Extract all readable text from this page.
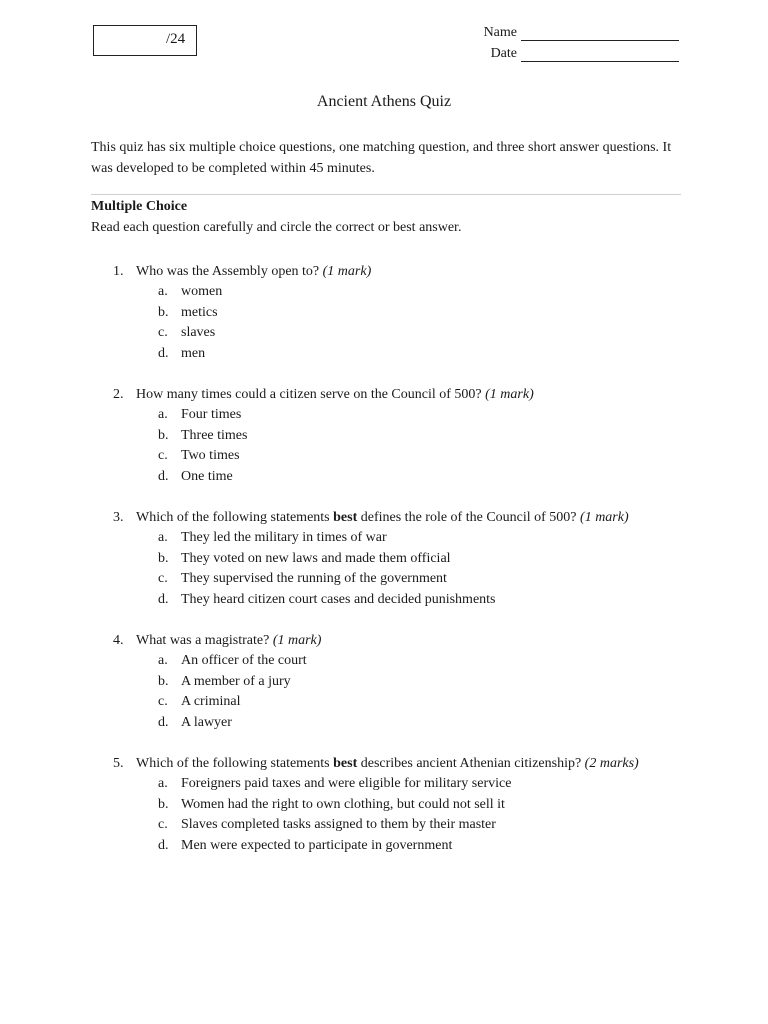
/24	Name
Date
Ancient Athens Quiz
This quiz has six multiple choice questions, one matching question, and three short answer questions. It was developed to be completed within 45 minutes.
Multiple Choice
Read each question carefully and circle the correct or best answer.
1. Who was the Assembly open to? (1 mark)
a. women
b. metics
c. slaves
d. men
2. How many times could a citizen serve on the Council of 500? (1 mark)
a. Four times
b. Three times
c. Two times
d. One time
3. Which of the following statements best defines the role of the Council of 500? (1 mark)
a. They led the military in times of war
b. They voted on new laws and made them official
c. They supervised the running of the government
d. They heard citizen court cases and decided punishments
4. What was a magistrate? (1 mark)
a. An officer of the court
b. A member of a jury
c. A criminal
d. A lawyer
5. Which of the following statements best describes ancient Athenian citizenship? (2 marks)
a. Foreigners paid taxes and were eligible for military service
b. Women had the right to own clothing, but could not sell it
c. Slaves completed tasks assigned to them by their master
d. Men were expected to participate in government
